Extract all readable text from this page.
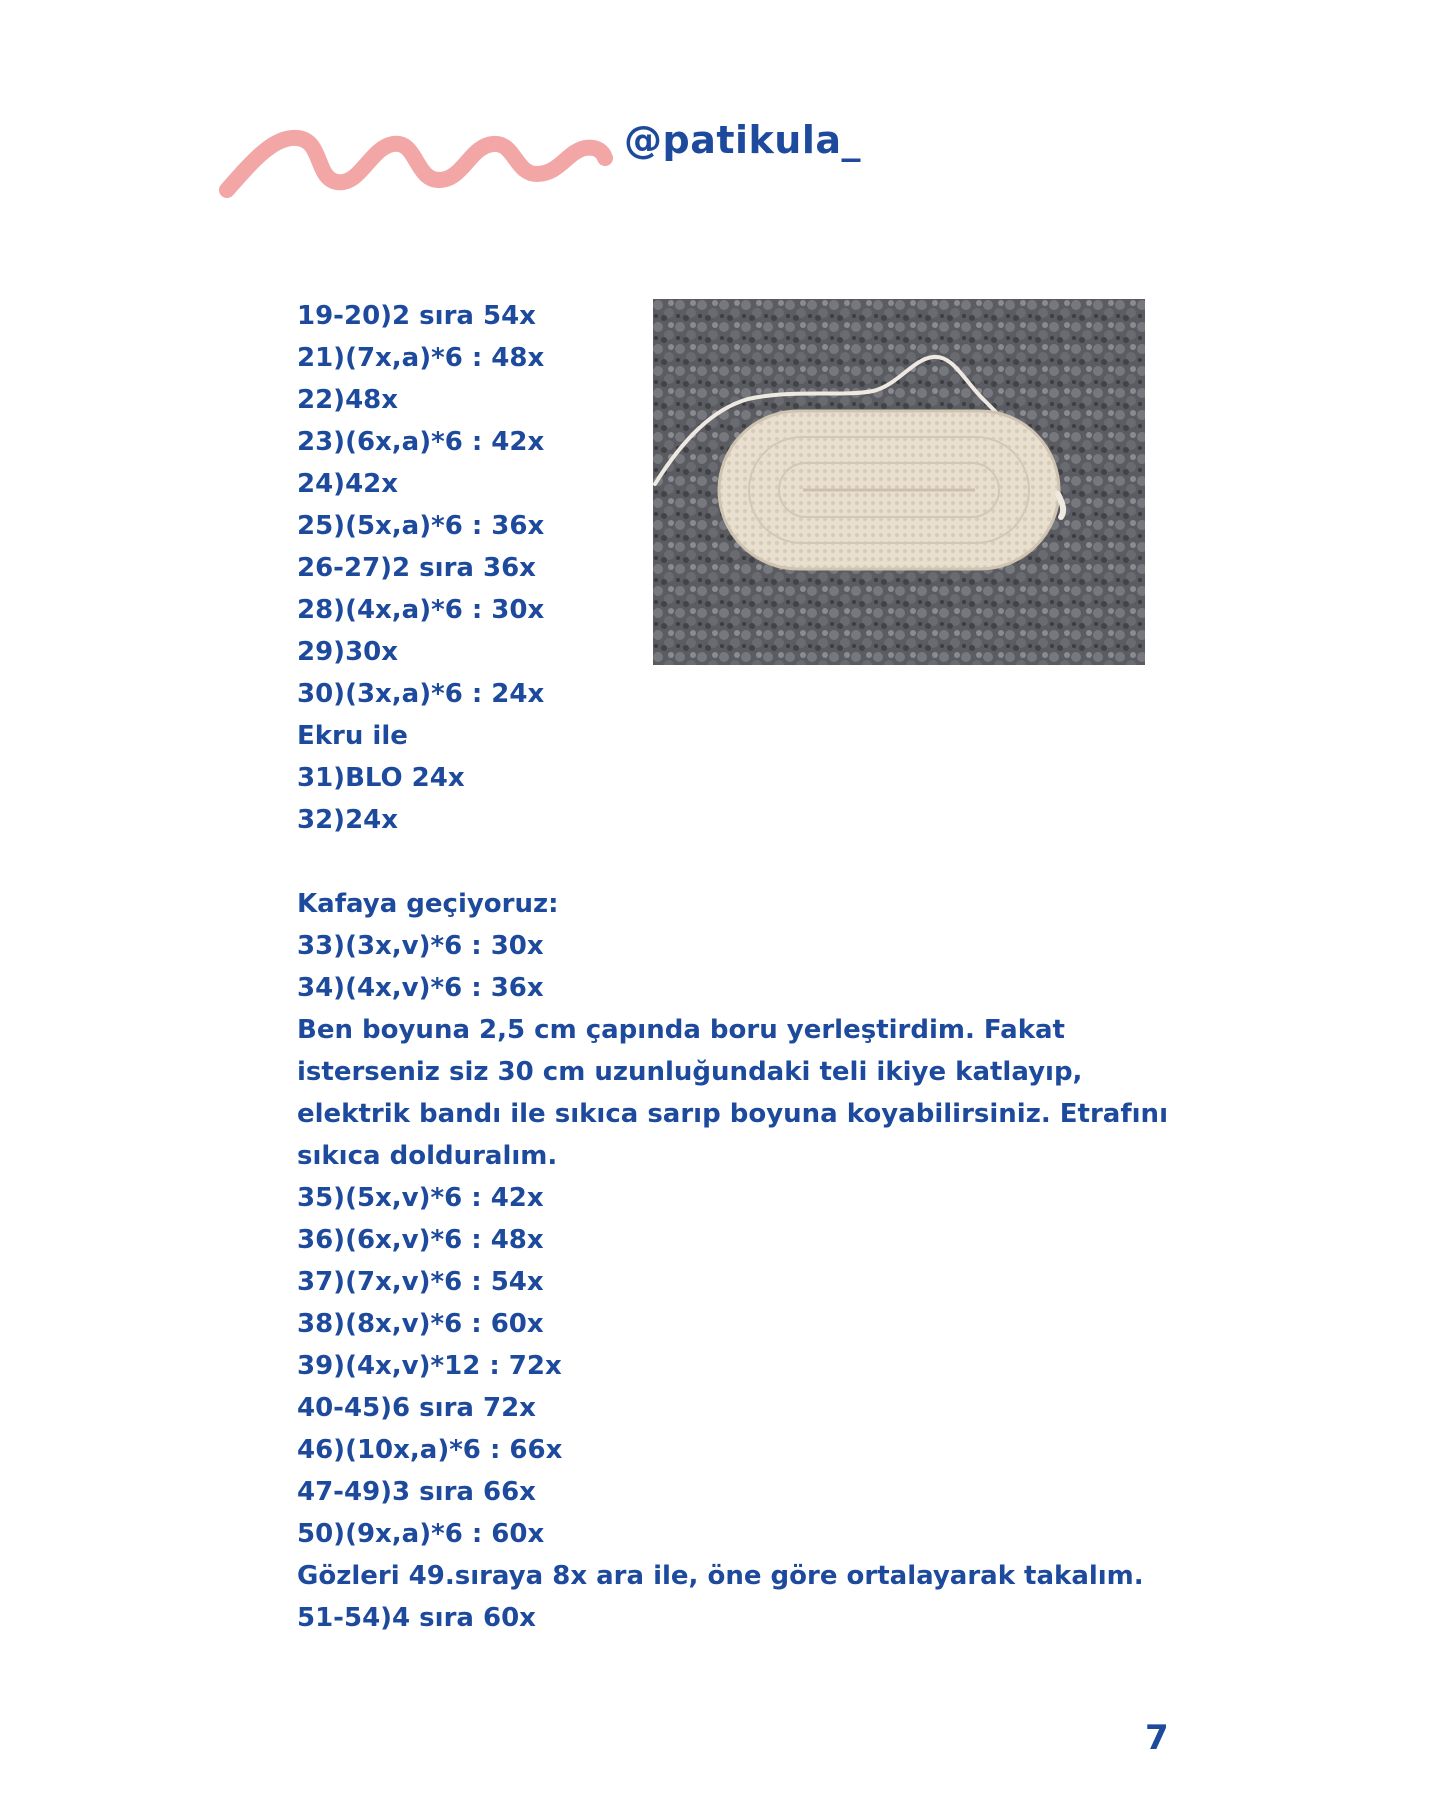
@patikula_
19-20)2 sıra 54x
21)(7x,a)*6 : 48x
22)48x
23)(6x,a)*6 : 42x
24)42x
25)(5x,a)*6 : 36x
26-27)2 sıra 36x
28)(4x,a)*6 : 30x
29)30x
30)(3x,a)*6 : 24x
Ekru ile
31)BLO 24x
32)24x
Kafaya geçiyoruz:
33)(3x,v)*6 : 30x
34)(4x,v)*6 : 36x
Ben boyuna 2,5 cm çapında boru yerleştirdim. Fakat
isterseniz siz 30 cm uzunluğundaki teli ikiye katlayıp,
elektrik bandı ile sıkıca sarıp boyuna koyabilirsiniz. Etrafını
sıkıca dolduralım.
35)(5x,v)*6 : 42x
36)(6x,v)*6 : 48x
37)(7x,v)*6 : 54x
38)(8x,v)*6 : 60x
39)(4x,v)*12 : 72x
40-45)6 sıra 72x
46)(10x,a)*6 : 66x
47-49)3 sıra 66x
50)(9x,a)*6 : 60x
Gözleri 49.sıraya 8x ara ile, öne göre ortalayarak takalım.
51-54)4 sıra 60x
7
